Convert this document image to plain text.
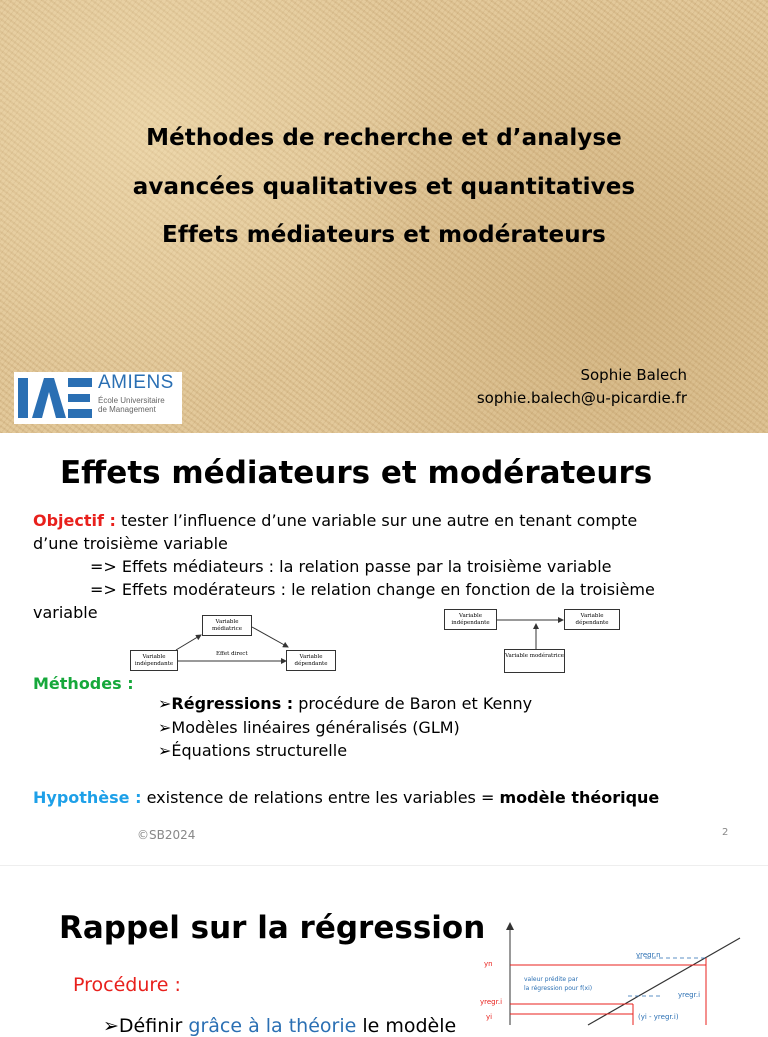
Méthodes de recherche et d’analyse
avancées qualitatives et quantitatives
Effets médiateurs et modérateurs
AMIENS
École Universitaire
de Management
Sophie Balech
sophie.balech@u-picardie.fr
Effets médiateurs et modérateurs
Objectif : tester l’influence d’une variable sur une autre en tenant compte
d’une troisième variable
=> Effets médiateurs : la relation passe par la troisième variable
=> Effets modérateurs : le relation change en fonction de la troisième
variable	Variable médiatrice
Variable indépendante
Variable dépendante
Effet direct
Variable indépendante
Variable dépendante
Variable modératrice
Méthodes :
➢Régressions : procédure de Baron et Kenny
➢Modèles linéaires généralisés (GLM)
➢Équations structurelle
Hypothèse : existence de relations entre les variables = modèle théorique
©SB2024	2
Rappel sur la régression
Procédure :
➢Définir grâce à la théorie le modèle
yregr.n
yn
valeur prédite par
la régression pour f(xi)
yregr.i
yi	(yi - yregr.i)
yregr.i
